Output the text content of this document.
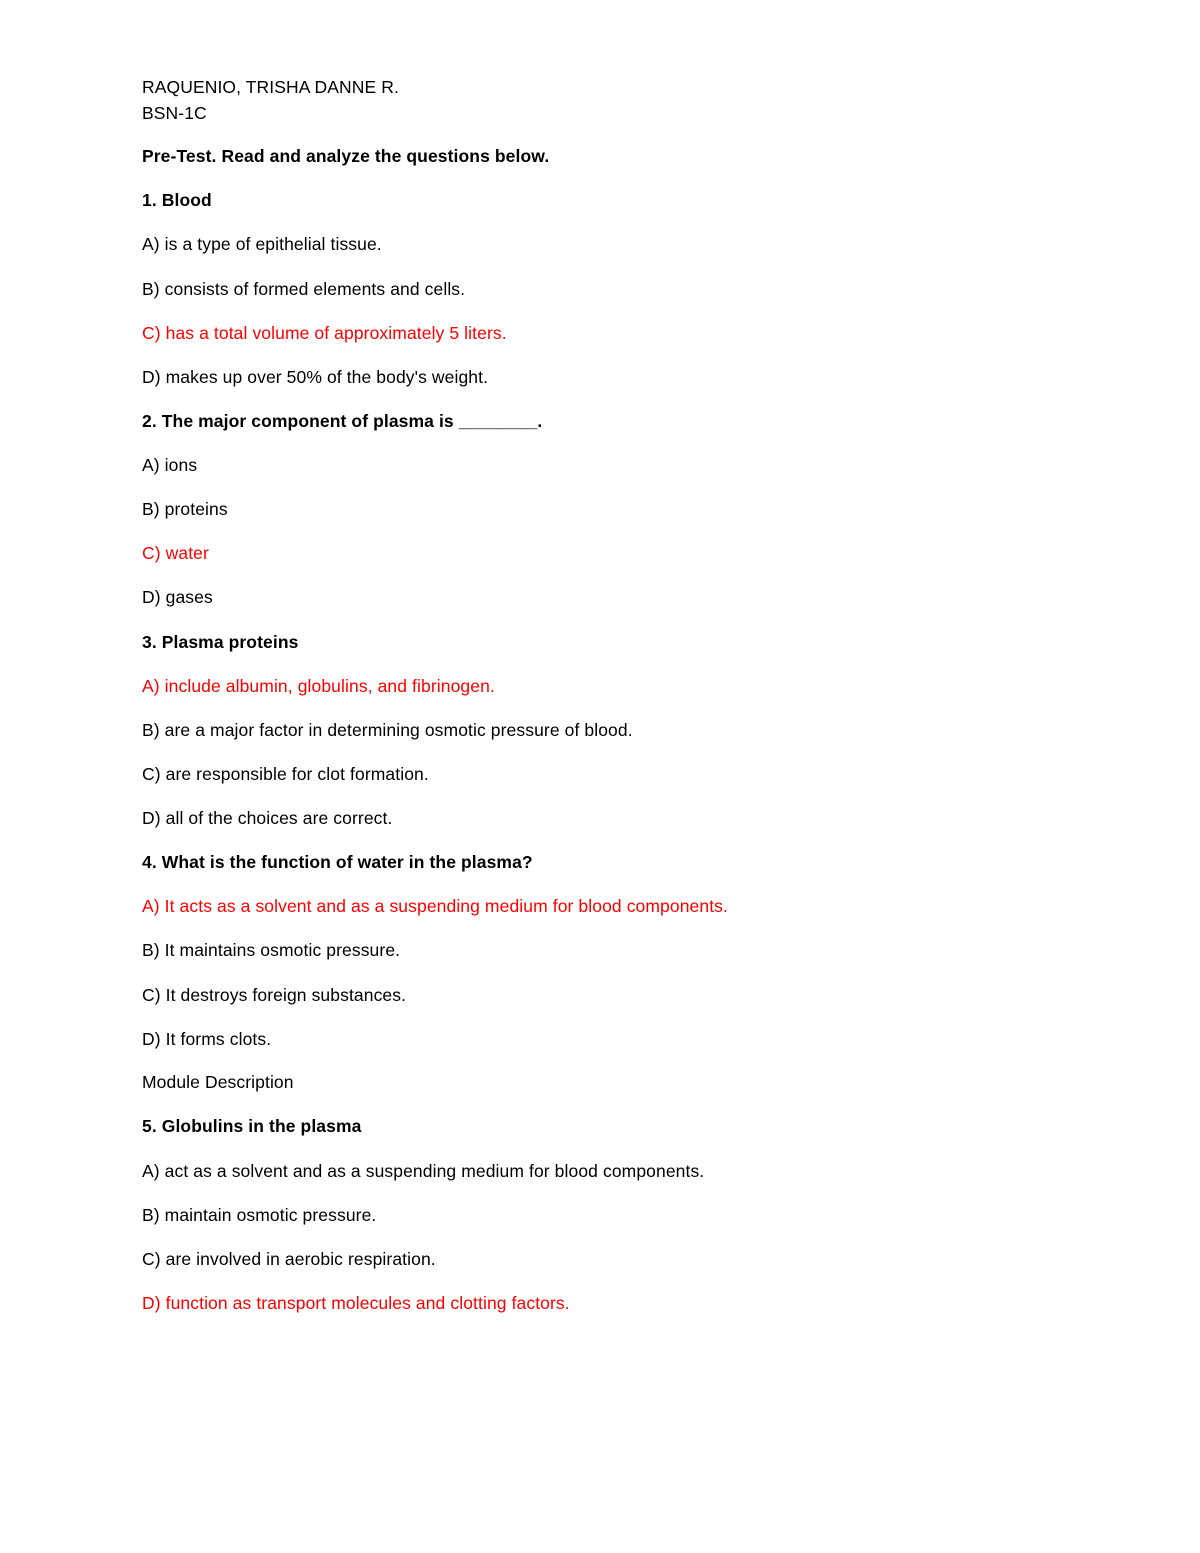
RAQUENIO, TRISHA DANNE R.
BSN-1C
Pre-Test. Read and analyze the questions below.
1. Blood
A) is a type of epithelial tissue.
B) consists of formed elements and cells.
C) has a total volume of approximately 5 liters.
D) makes up over 50% of the body's weight.
2. The major component of plasma is ________.
A) ions
B) proteins
C) water
D) gases
3. Plasma proteins
A) include albumin, globulins, and fibrinogen.
B) are a major factor in determining osmotic pressure of blood.
C) are responsible for clot formation.
D) all of the choices are correct.
4. What is the function of water in the plasma?
A) It acts as a solvent and as a suspending medium for blood components.
B) It maintains osmotic pressure.
C) It destroys foreign substances.
D) It forms clots.
Module Description
5. Globulins in the plasma
A) act as a solvent and as a suspending medium for blood components.
B) maintain osmotic pressure.
C) are involved in aerobic respiration.
D) function as transport molecules and clotting factors.
